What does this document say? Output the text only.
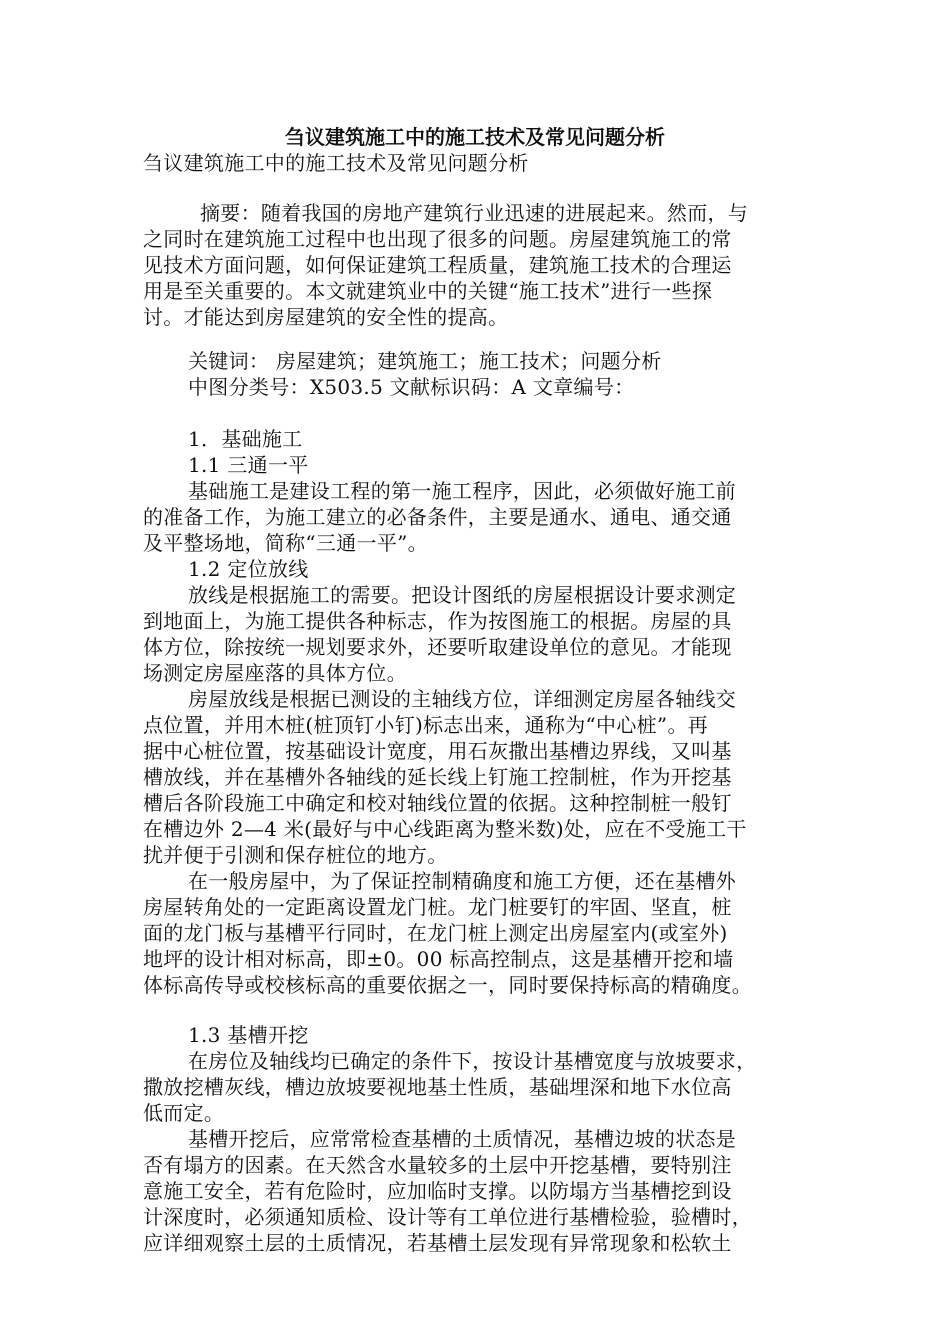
刍议建筑施工中的施工技术及常见问题分析
刍议建筑施工中的施工技术及常见问题分析
摘要：随着我国的房地产建筑行业迅速的进展起来。然而，与
之同时在建筑施工过程中也出现了很多的问题。房屋建筑施工的常
见技术方面问题，如何保证建筑工程质量，建筑施工技术的合理运
用是至关重要的。本文就建筑业中的关键“施工技术”进行一些探
讨。才能达到房屋建筑的安全性的提高。
关键词： 房屋建筑；建筑施工；施工技术；问题分析
中图分类号：X503.5 文献标识码：A 文章编号：
1．基础施工
1.1 三通一平
基础施工是建设工程的第一施工程序，因此，必须做好施工前
的准备工作，为施工建立的必备条件，主要是通水、通电、通交通
及平整场地，简称“三通一平”。
1.2 定位放线
放线是根据施工的需要。把设计图纸的房屋根据设计要求测定
到地面上，为施工提供各种标志，作为按图施工的根据。房屋的具
体方位，除按统一规划要求外，还要听取建设单位的意见。才能现
场测定房屋座落的具体方位。
房屋放线是根据已测设的主轴线方位，详细测定房屋各轴线交
点位置，并用木桩(桩顶钉小钉)标志出来，通称为“中心桩”。再
据中心桩位置，按基础设计宽度，用石灰撒出基槽边界线，又叫基
槽放线，并在基槽外各轴线的延长线上钉施工控制桩，作为开挖基
槽后各阶段施工中确定和校对轴线位置的依据。这种控制桩一般钉
在槽边外 2—4 米(最好与中心线距离为整米数)处，应在不受施工干
扰并便于引测和保存桩位的地方。
在一般房屋中，为了保证控制精确度和施工方便，还在基槽外
房屋转角处的一定距离设置龙门桩。龙门桩要钉的牢固、坚直，桩
面的龙门板与基槽平行同时，在龙门桩上测定出房屋室内(或室外)
地坪的设计相对标高，即±0。00 标高控制点，这是基槽开挖和墙
体标高传导或校核标高的重要依据之一，同时要保持标高的精确度。
1.3 基槽开挖
在房位及轴线均已确定的条件下，按设计基槽宽度与放坡要求，
撒放挖槽灰线，槽边放坡要视地基土性质，基础埋深和地下水位高
低而定。
基槽开挖后，应常常检查基槽的土质情况，基槽边坡的状态是
否有塌方的因素。在天然含水量较多的土层中开挖基槽，要特别注
意施工安全，若有危险时，应加临时支撑。以防塌方当基槽挖到设
计深度时，必须通知质检、设计等有工单位进行基槽检验，验槽时，
应详细观察土层的土质情况，若基槽土层发现有异常现象和松软土
